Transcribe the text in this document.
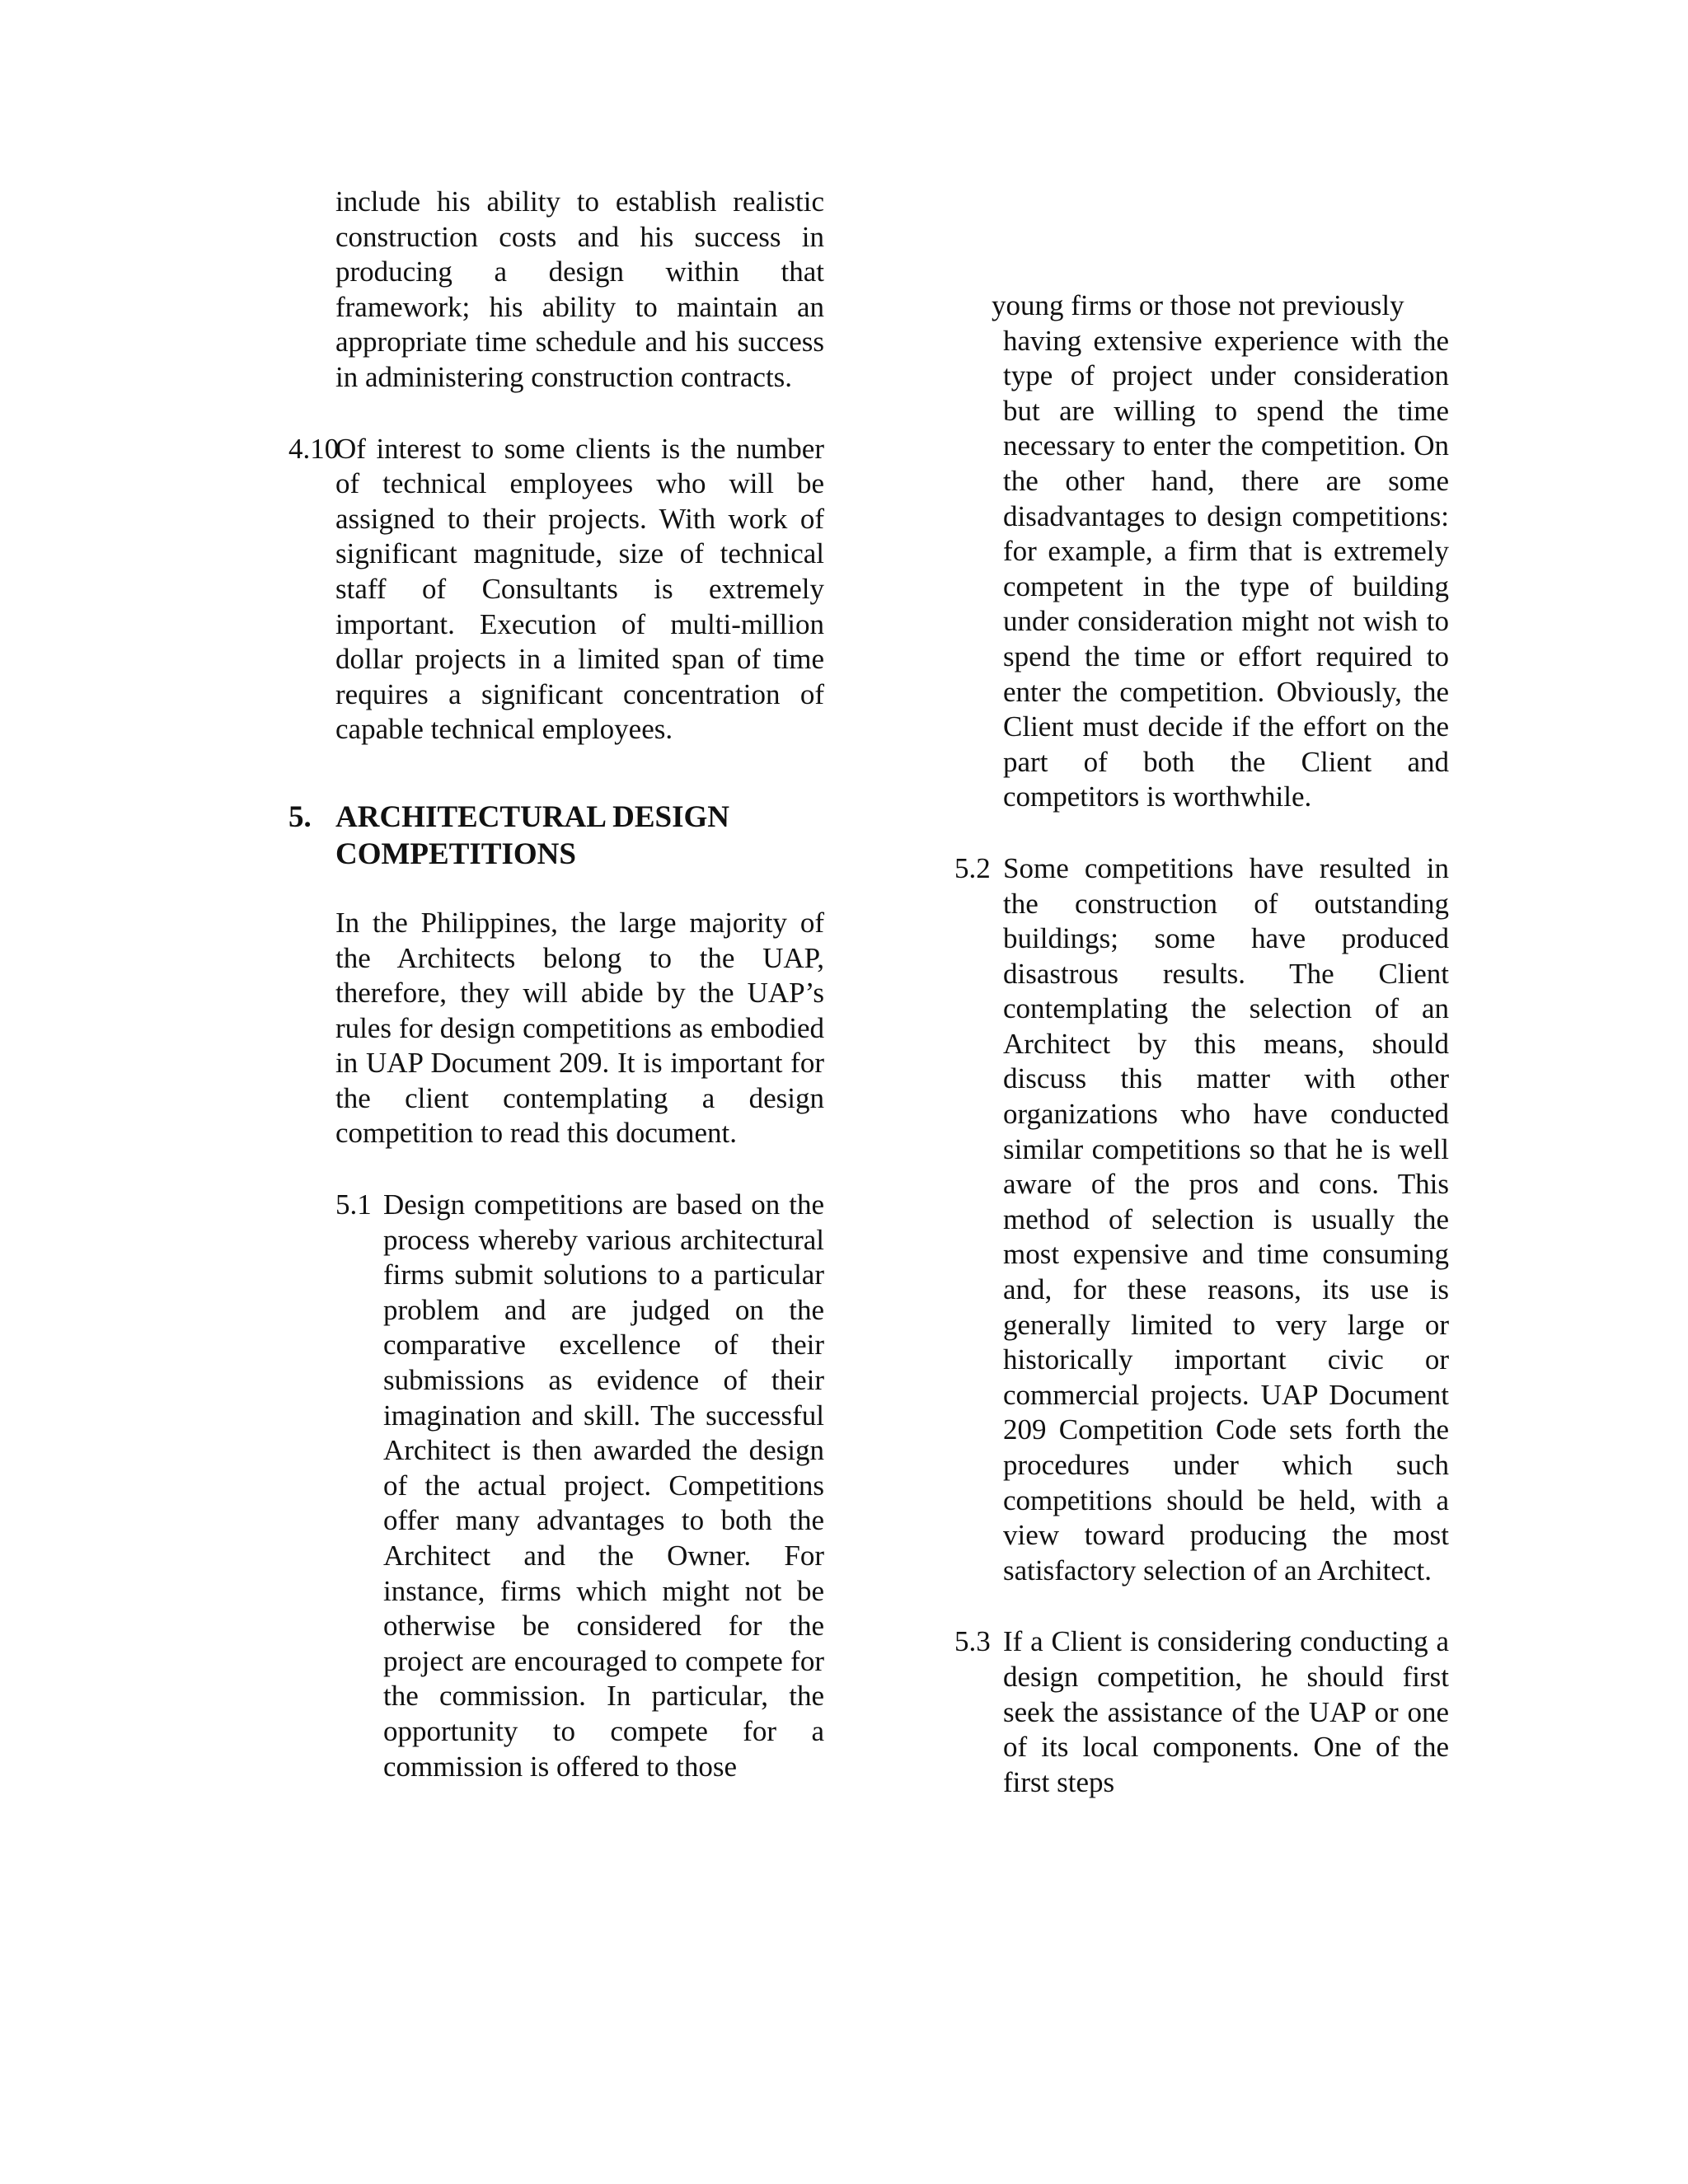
include his ability to establish realistic construction costs and his success in producing a design within that framework; his ability to maintain an appropriate time schedule and his success in administering construction contracts.

4.10

Of interest to some clients is the number of technical employees who will be assigned to their projects. With work of significant magnitude, size of technical staff of Consultants is extremely important. Execution of multi-million dollar projects in a limited span of time requires a significant concentration of capable technical employees.

5. ARCHITECTURAL DESIGN COMPETITIONS

In the Philippines, the large majority of the Architects belong to the UAP, therefore, they will abide by the UAP’s rules for design competitions as embodied in UAP Document 209. It is important for the client contemplating a design competition to read this document.

5.1 Design competitions are based on the process whereby various architectural firms submit solutions to a particular problem and are judged on the comparative excellence of their submissions as evidence of their imagination and skill. The successful Architect is then awarded the design of the actual project. Competitions offer many advantages to both the Architect and the Owner. For instance, firms which might not be otherwise be considered for the project are encouraged to compete for the commission. In particular, the opportunity to compete for a commission is offered to those

young firms or those not previously

having extensive experience with the type of project under consideration but are willing to spend the time necessary to enter the competition. On the other hand, there are some disadvantages to design competitions: for example, a firm that is extremely competent in the type of building under consideration might not wish to spend the time or effort required to enter the competition. Obviously, the Client must decide if the effort on the part of both the Client and competitors is worthwhile.

5.2 Some competitions have resulted in the construction of outstanding buildings; some have produced disastrous results. The Client contemplating the selection of an Architect by this means, should discuss this matter with other organizations who have conducted similar competitions so that he is well aware of the pros and cons. This method of selection is usually the most expensive and time consuming and, for these reasons, its use is generally limited to very large or historically important civic or commercial projects. UAP Document 209 Competition Code sets forth the procedures under which such competitions should be held, with a view toward producing the most satisfactory selection of an Architect.

5.3 If a Client is considering conducting a design competition, he should first seek the assistance of the UAP or one of its local components. One of the first steps
